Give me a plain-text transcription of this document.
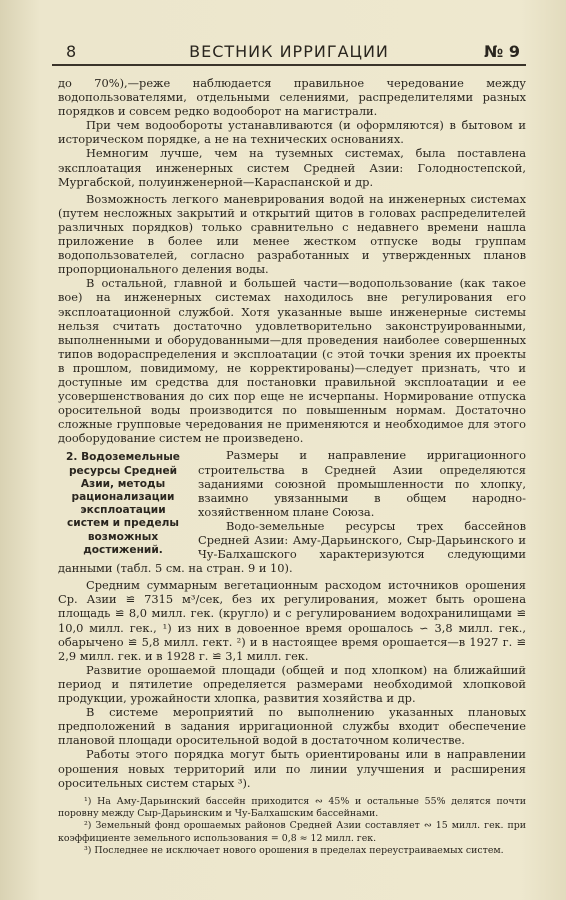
8	ВЕСТНИК ИРРИГАЦИИ	№ 9

до 70%),—реже наблюдается правильное чередование между водопользователями, отдельными селениями, распределителями разных порядков и совсем редко водооборот на магистрали.

При чем водообороты устанавливаются (и оформляются) в бытовом и историческом порядке, а не на технических основаниях.

Немногим лучше, чем на туземных системах, была поставлена эксплоатация инженерных систем Средней Азии: Голодностепской, Мургабской, полуинженерной—Караспанской и др.

Возможность легкого маневрирования водой на инженерных системах (путем несложных закрытий и открытий щитов в головах распределителей различных порядков) только сравнительно с недавнего времени нашла приложение в более или менее жестком отпуске воды группам водопользователей, согласно разработанных и утвержденных планов пропорционального деления воды.

В остальной, главной и большей части—водопользование (как такое вое) на инженерных системах находилось вне регулирования его эксплоатационной службой. Хотя указанные выше инженерные системы нельзя считать достаточно удовлетворительно законструированными, выполненными и оборудованными—для проведения наиболее совершенных типов водораспределения и эксплоатации (с этой точки зрения их проекты в прошлом, повидимому, не корректированы)—следует признать, что и доступные им средства для постановки правильной эксплоатации и ее усовершенствования до сих пор еще не исчерпаны. Нормирование отпуска оросительной воды производится по повышенным нормам. Достаточно сложные групповые чередования не применяются и необходимое для этого дооборудование систем не произведено.

2. Водоземельные ресурсы Средней Азии, методы рационализации эксплоатации систем и пределы возможных достижений.

Размеры и направление ирригационного строительства в Средней Азии определяются заданиями союзной промышленности по хлопку, взаимно увязанными в общем народно-хозяйственном плане Союза.

Водо-земельные ресурсы трех бассейнов Средней Азии: Аму-Дарьинского, Сыр-Дарьинского и Чу-Балхашского характеризуются следующими данными (табл. 5 см. на стран. 9 и 10).

Средним суммарным вегетационным расходом источников орошения Ср. Азии ≌ 7315 м³/сек, без их регулирования, может быть орошена площадь ≌ 8,0 милл. гек. (кругло) и с регулированием водохранилищами ≌ 10,0 милл. гек., ¹) из них в довоенное время орошалось ∽ 3,8 милл. гек., обарычено ≌ 5,8 милл. гект. ²) и в настоящее время орошается—в 1927 г. ≌ 2,9 милл. гек. и в 1928 г. ≌ 3,1 милл. гек.

Развитие орошаемой площади (общей и под хлопком) на ближайший период и пятилетие определяется размерами необходимой хлопковой продукции, урожайности хлопка, развития хозяйства и др.

В системе мероприятий по выполнению указанных плановых предположений в задания ирригационной службы входит обеспечение плановой площади оросительной водой в достаточном количестве.

Работы этого порядка могут быть ориентированы или в направлении орошения новых территорий или по линии улучшения и расширения оросительных систем старых ³).

¹) На Аму-Дарьинский бассейн приходится ∾ 45% и остальные 55% делятся почти поровну между Сыр-Дарьинским и Чу-Балхашским бассейнами.

²) Земельный фонд орошаемых районов Средней Азии составляет ∾ 15 милл. гек. при коэффициенте земельного использования = 0,8 ≈ 12 милл. гек.

³) Последнее не исключает нового орошения в пределах переустраиваемых систем.
